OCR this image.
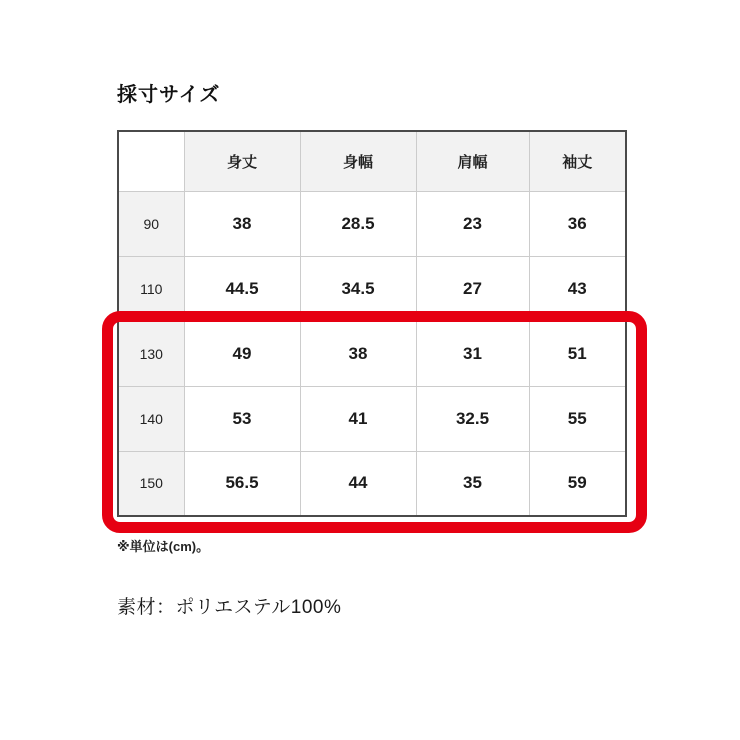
採寸サイズ
	身丈	身幅	肩幅	袖丈
90	38	28.5	23	36
110	44.5	34.5	27	43
130	49	38	31	51
140	53	41	32.5	55
150	56.5	44	35	59
※単位は(cm)。
素材：ポリエステル100%
